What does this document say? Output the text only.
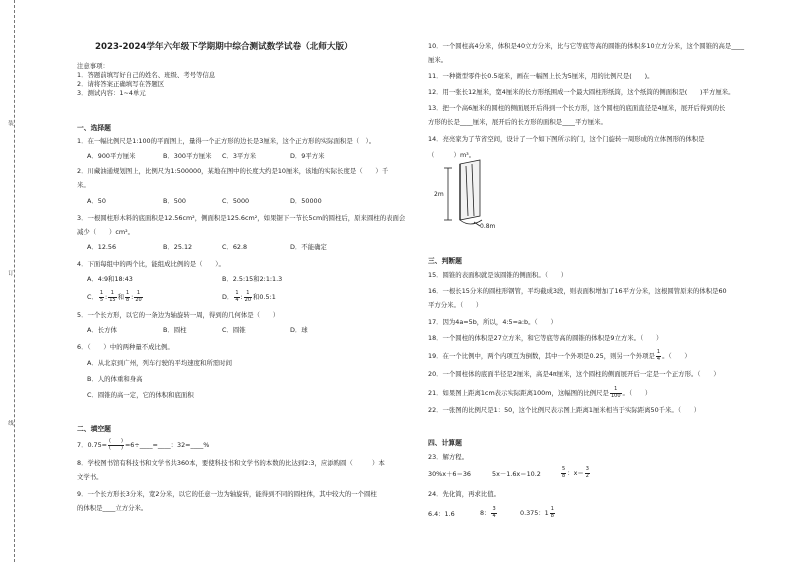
装
订
线
2023-2024学年六年级下学期期中综合测试数学试卷（北师大版）
注意事项：
1．答题前填写好自己的姓名、班级、考号等信息
2．请将答案正确填写在答题区
3．测试内容：1~4单元
一、选择题
1．在一幅比例尺是1:100的平面图上，量得一个正方形的边长是3厘米，这个正方形的实际面积是（　）。
A．900平方厘米	B．300平方厘米 C．3平方米	D．9平方米
2．川藏油通规划图上，比例尺为1:500000，某地在图中的长度大约是10厘米，该地的实际长度是（　　）千
米。
A．50	B．500	C．5000	D．50000
3．一根圆柱形木料的底面积是12.56cm²，侧面积是125.6cm²，如果锯下一节长5cm的圆柱后，原来圆柱的表面会
减少（　　）cm²。
A．12.56	B．25.12	C．62.8	D．不能确定
4．下面每组中的两个比，能组成比例的是（　　）。
A．4:9和18:43	B．2.5:15和2:1:1.3
C． $\frac{1}{5}$ : $\frac{1}{15}$ 和 $\frac{1}{8}$ : $\frac{1}{20}$	D． $\frac{1}{4}$ : $\frac{1}{20}$ 和0.5:1
5．一个长方形，以它的一条边为轴旋转一周，得到的几何体是（　　）
A．长方体	B．圆柱	C．圆锥	D．球
6．（　　）中的两种量不成比例。
A．从北京到广州，列车行驶的平均速度和所需时间
B．人的体重和身高
C．圆锥的高一定，它的体积和底面积
二、填空题
7．$0.75= \frac{( )}{( )}$ =6÷____=____：32=____%
8．学校图书馆有科技书和文学书共360本，要使科技书和文学书的本数的比达到2:3，应添购圆（　　　）本
文学书。
9．一个长方形长3分米，宽2分米，以它的任意一边为轴旋转，能得到不同的圆柱体，其中较大的一个圆柱
的体积是____立方分米。
10．一个圆柱高4分米，体积是40立方分米，比与它等底等高的圆锥的体积多10立方分米，这个圆锥的高是____
厘米。
11．一种微型零件长0.5毫米，画在一幅图上长为5厘米，用的比例尺是(　　)。
12．用一张长12厘米，宽4厘米的长方形纸围成一个最大圆柱形纸筒，这个纸筒的侧面积是(　　)平方厘米。
13．把一个高6厘米的圆柱的侧面展开后得到一个长方形，这个圆柱的底面直径是4厘米，展开后得到的长
方形的长是____厘米，展开后的长方形的面积是____平方厘米。
14．亮亮家为了节省空间，设计了一个如下图所示的门，这个门旋转一周形成的立体图形的体积是
（　　　）m³。
2m
0.8m
三、判断题
15．圆锥的表面积就是该圆锥的侧面积。（　　）
16．一根长15分米的圆柱形钢管，平均截成3段，则表面积增加了16平方分米，这根圆管原来的体积是60
平方分米。（　　）
17．因为4a=5b，所以，4:5=a:b。（　　）
18．一个圆柱的体积是27立方米，和它等底等高的圆锥的体积是9立方米。（　　）
19．在一个比例中，两个内项互为倒数，其中一个外项是0.25，则另一个外项是 $\frac{1}{4}$ 。（　　）
20．一个圆柱体的底面半径是2厘米，高是4π厘米，这个圆柱的侧面展开后一定是一个正方形。（　　）
21．如果图上距离1cm表示实际距离100m，这幅图的比例尺是 $\frac{1}{100}$ 。（　　）
22．一张图的比例尺是1：50，这个比例尺表示图上距离1厘米相当于实际距离50千米。（　　）
四、计算题
23．解方程。
30%x＋6＝36	5x－1.6x＝10.2	$\frac{5}{8}$ ：$x= \frac{3}{2}$
24．先化简，再求比值。
6.4：1.6	8： $\frac{3}{4}$	0.375：$1 \frac{1}{8}$
